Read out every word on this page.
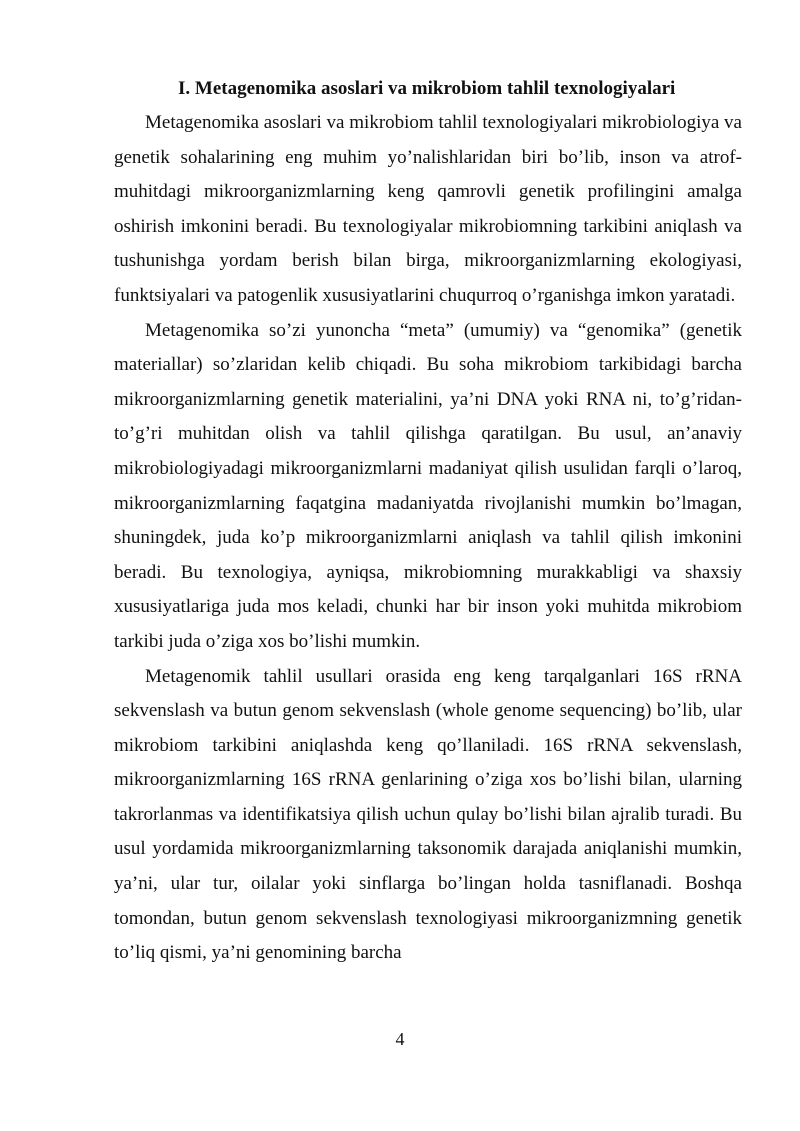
I. Metagenomika asoslari va mikrobiom tahlil texnologiyalari

Metagenomika asoslari va mikrobiom tahlil texnologiyalari mikrobiologiya va genetik sohalarining eng muhim yo’nalishlaridan biri bo’lib, inson va atrof-muhitdagi mikroorganizmlarning keng qamrovli genetik profilingini amalga oshirish imkonini beradi. Bu texnologiyalar mikrobiomning tarkibini aniqlash va tushunishga yordam berish bilan birga, mikroorganizmlarning ekologiyasi, funktsiyalari va patogenlik xususiyatlarini chuqurroq o’rganishga imkon yaratadi.

Metagenomika so’zi yunoncha “meta” (umumiy) va “genomika” (genetik materiallar) so’zlaridan kelib chiqadi. Bu soha mikrobiom tarkibidagi barcha mikroorganizmlarning genetik materialini, ya’ni DNA yoki RNA ni, to’g’ridan-to’g’ri muhitdan olish va tahlil qilishga qaratilgan. Bu usul, an’anaviy mikrobiologiyadagi mikroorganizmlarni madaniyat qilish usulidan farqli o’laroq, mikroorganizmlarning faqatgina madaniyatda rivojlanishi mumkin bo’lmagan, shuningdek, juda ko’p mikroorganizmlarni aniqlash va tahlil qilish imkonini beradi. Bu texnologiya, ayniqsa, mikrobiomning murakkabligi va shaxsiy xususiyatlariga juda mos keladi, chunki har bir inson yoki muhitda mikrobiom tarkibi juda o’ziga xos bo’lishi mumkin.

Metagenomik tahlil usullari orasida eng keng tarqalganlari 16S rRNA sekvenslash va butun genom sekvenslash (whole genome sequencing) bo’lib, ular mikrobiom tarkibini aniqlashda keng qo’llaniladi. 16S rRNA sekvenslash, mikroorganizmlarning 16S rRNA genlarining o’ziga xos bo’lishi bilan, ularning takrorlanmas va identifikatsiya qilish uchun qulay bo’lishi bilan ajralib turadi. Bu usul yordamida mikroorganizmlarning taksonomik darajada aniqlanishi mumkin, ya’ni, ular tur, oilalar yoki sinflarga bo’lingan holda tasniflanadi. Boshqa tomondan, butun genom sekvenslash texnologiyasi mikroorganizmning genetik to’liq qismi, ya’ni genomining barcha

4
